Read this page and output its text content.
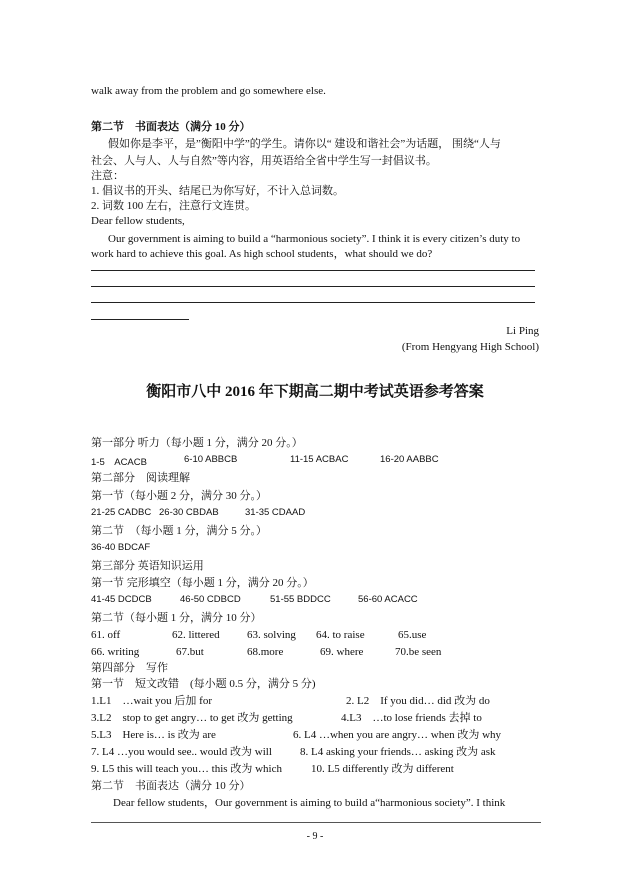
walk away from the problem and go somewhere else.
第二节　书面表达（满分 10 分）
假如你是李平，是”衡阳中学”的学生。请你以“ 建设和谐社会”为话题， 围绕“人与
社会、人与人、人与自然”等内容，用英语给全省中学生写一封倡议书。
注意：
1. 倡议书的开头、结尾已为你写好，不计入总词数。
2. 词数 100 左右，注意行文连贯。
Dear fellow students,
Our government is aiming to build a “harmonious society”. I think it is every citizen’s duty to
work hard to achieve this goal. As high school students，what should we do?
Li Ping
(From Hengyang High School)
衡阳市八中 2016 年下期高二期中考试英语参考答案
第一部分 听力（每小题 1 分，满分 20 分。）
1-5　ACACB	6-10 ABBCB	11-15 ACBAC	16-20 AABBC
第二部分　阅读理解
第一节（每小题 2 分，满分 30 分。）
21-25 CADBC 26-30 CBDAB	31-35 CDAAD
第二节　（每小题 1 分，满分 5 分。）
36-40 BDCAF
第三部分 英语知识运用
第一节 完形填空（每小题 1 分，满分 20 分。）
41-45 DCDCB	46-50 CDBCD	51-55 BDDCC	56-60 ACACC
第二节（每小题 1 分，满分 10 分）
61. off	62. littered 63. solving 64. to raise	65.use
66. writing	67.but	68.more	69. where	70.be seen
第四部分　写作
第一节　短文改错　(每小题 0.5 分，满分 5 分)
1.L1　…wait you 后加 for	2. L2　If you did… did 改为 do
3.L2　stop to get angry… to get 改为 getting	4.L3　…to lose friends 去掉 to
5.L3　Here is… is 改为 are	6. L4 …when you are angry… when 改为 why
7. L4 …you would see.. would 改为 will	8. L4 asking your friends… asking 改为 ask
9. L5 this will teach you… this 改为 which	10. L5 differently 改为 different
第二节　书面表达（满分 10 分）
Dear fellow students，Our government is aiming to build a“harmonious society”. I think
- 9 -
